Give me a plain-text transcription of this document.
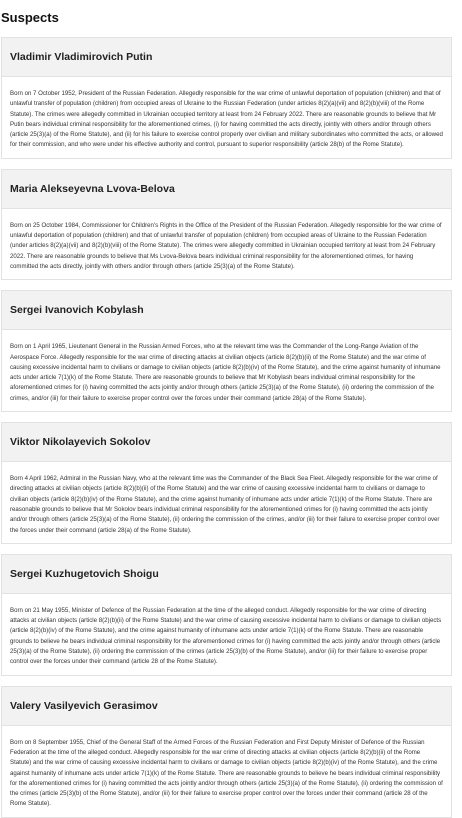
Suspects
Vladimir Vladimirovich Putin
Born on 7 October 1952, President of the Russian Federation. Allegedly responsible for the war crime of unlawful deportation of population (children) and that of unlawful transfer of population (children) from occupied areas of Ukraine to the Russian Federation (under articles 8(2)(a)(vii) and 8(2)(b)(viii) of the Rome Statute). The crimes were allegedly committed in Ukrainian occupied territory at least from 24 February 2022. There are reasonable grounds to believe that Mr Putin bears individual criminal responsibility for the aforementioned crimes, (i) for having committed the acts directly, jointly with others and/or through others (article 25(3)(a) of the Rome Statute), and (ii) for his failure to exercise control properly over civilian and military subordinates who committed the acts, or allowed for their commission, and who were under his effective authority and control, pursuant to superior responsibility (article 28(b) of the Rome Statute).
Maria Alekseyevna Lvova-Belova
Born on 25 October 1984, Commissioner for Children's Rights in the Office of the President of the Russian Federation. Allegedly responsible for the war crime of unlawful deportation of population (children) and that of unlawful transfer of population (children) from occupied areas of Ukraine to the Russian Federation (under articles 8(2)(a)(vii) and 8(2)(b)(viii) of the Rome Statute). The crimes were allegedly committed in Ukrainian occupied territory at least from 24 February 2022. There are reasonable grounds to believe that Ms Lvova-Belova bears individual criminal responsibility for the aforementioned crimes, for having committed the acts directly, jointly with others and/or through others (article 25(3)(a) of the Rome Statute).
Sergei Ivanovich Kobylash
Born on 1 April 1965, Lieutenant General in the Russian Armed Forces, who at the relevant time was the Commander of the Long-Range Aviation of the Aerospace Force. Allegedly responsible for the war crime of directing attacks at civilian objects (article 8(2)(b)(ii) of the Rome Statute) and the war crime of causing excessive incidental harm to civilians or damage to civilian objects (article 8(2)(b)(iv) of the Rome Statute), and the crime against humanity of inhumane acts under article 7(1)(k) of the Rome Statute. There are reasonable grounds to believe that Mr Kobylash bears individual criminal responsibility for the aforementioned crimes for (i) having committed the acts jointly and/or through others (article 25(3)(a) of the Rome Statute), (ii) ordering the commission of the crimes, and/or (iii) for their failure to exercise proper control over the forces under their command (article 28(a) of the Rome Statute).
Viktor Nikolayevich Sokolov
Born 4 April 1962, Admiral in the Russian Navy, who at the relevant time was the Commander of the Black Sea Fleet. Allegedly responsible for the war crime of directing attacks at civilian objects (article 8(2)(b)(ii) of the Rome Statute) and the war crime of causing excessive incidental harm to civilians or damage to civilian objects (article 8(2)(b)(iv) of the Rome Statute), and the crime against humanity of inhumane acts under article 7(1)(k) of the Rome Statute. There are reasonable grounds to believe that Mr Sokolov bears individual criminal responsibility for the aforementioned crimes for (i) having committed the acts jointly and/or through others (article 25(3)(a) of the Rome Statute), (ii) ordering the commission of the crimes, and/or (iii) for their failure to exercise proper control over the forces under their command (article 28(a) of the Rome Statute).
Sergei Kuzhugetovich Shoigu
Born on 21 May 1955, Minister of Defence of the Russian Federation at the time of the alleged conduct. Allegedly responsible for the war crime of directing attacks at civilian objects (article 8(2)(b)(ii) of the Rome Statute) and the war crime of causing excessive incidental harm to civilians or damage to civilian objects (article 8(2)(b)(iv) of the Rome Statute), and the crime against humanity of inhumane acts under article 7(1)(k) of the Rome Statute. There are reasonable grounds to believe he bears individual criminal responsibility for the aforementioned crimes for (i) having committed the acts jointly and/or through others (article 25(3)(a) of the Rome Statute), (ii) ordering the commission of the crimes (article 25(3)(b) of the Rome Statute), and/or (iii) for their failure to exercise proper control over the forces under their command (article 28 of the Rome Statute).
Valery Vasilyevich Gerasimov
Born on 8 September 1955, Chief of the General Staff of the Armed Forces of the Russian Federation and First Deputy Minister of Defence of the Russian Federation at the time of the alleged conduct. Allegedly responsible for the war crime of directing attacks at civilian objects (article 8(2)(b)(ii) of the Rome Statute) and the war crime of causing excessive incidental harm to civilians or damage to civilian objects (article 8(2)(b)(iv) of the Rome Statute), and the crime against humanity of inhumane acts under article 7(1)(k) of the Rome Statute. There are reasonable grounds to believe he bears individual criminal responsibility for the aforementioned crimes for (i) having committed the acts jointly and/or through others (article 25(3)(a) of the Rome Statute), (ii) ordering the commission of the crimes (article 25(3)(b) of the Rome Statute), and/or (iii) for their failure to exercise proper control over the forces under their command (article 28 of the Rome Statute).
